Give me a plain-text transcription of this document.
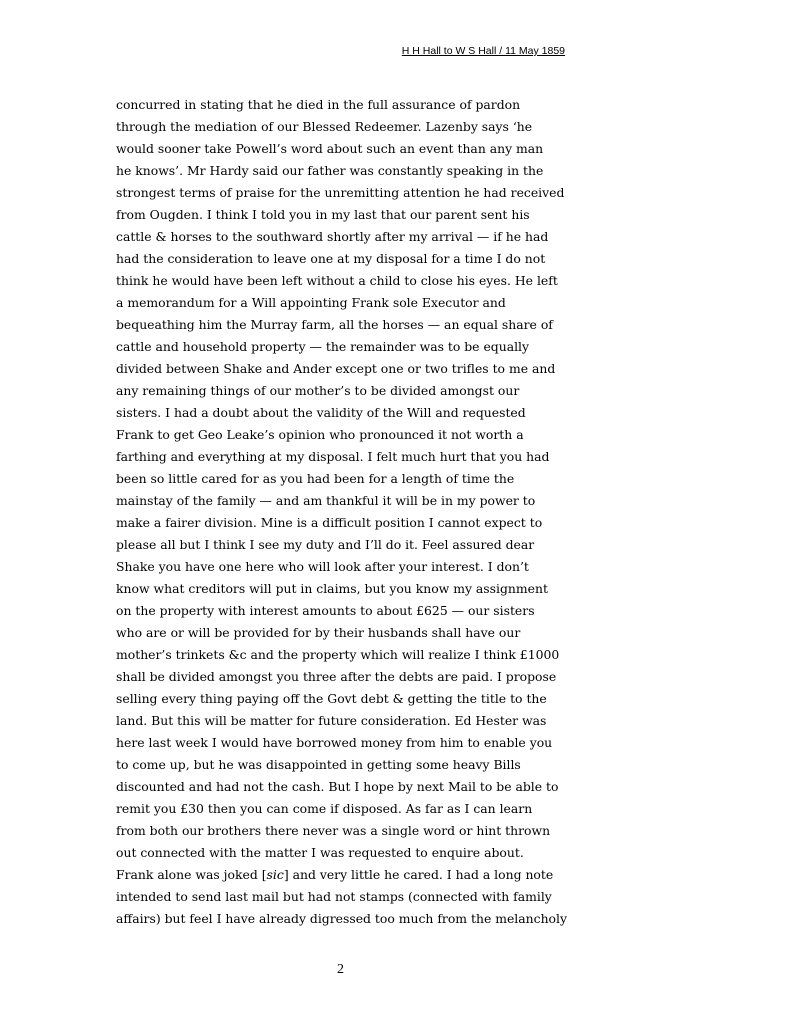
H H Hall to W S Hall / 11 May 1859
concurred in stating that he died in the full assurance of pardon
through the mediation of our Blessed Redeemer. Lazenby says ‘he
would sooner take Powell’s word about such an event than any man
he knows’. Mr Hardy said our father was constantly speaking in the
strongest terms of praise for the unremitting attention he had received
from Ougden. I think I told you in my last that our parent sent his
cattle & horses to the southward shortly after my arrival — if he had
had the consideration to leave one at my disposal for a time I do not
think he would have been left without a child to close his eyes. He left
a memorandum for a Will appointing Frank sole Executor and
bequeathing him the Murray farm, all the horses — an equal share of
cattle and household property — the remainder was to be equally
divided between Shake and Ander except one or two trifles to me and
any remaining things of our mother’s to be divided amongst our
sisters. I had a doubt about the validity of the Will and requested
Frank to get Geo Leake’s opinion who pronounced it not worth a
farthing and everything at my disposal. I felt much hurt that you had
been so little cared for as you had been for a length of time the
mainstay of the family — and am thankful it will be in my power to
make a fairer division. Mine is a difficult position I cannot expect to
please all but I think I see my duty and I’ll do it. Feel assured dear
Shake you have one here who will look after your interest. I don’t
know what creditors will put in claims, but you know my assignment
on the property with interest amounts to about £625 — our sisters
who are or will be provided for by their husbands shall have our
mother’s trinkets &c and the property which will realize I think £1000
shall be divided amongst you three after the debts are paid. I propose
selling every thing paying off the Govt debt & getting the title to the
land. But this will be matter for future consideration. Ed Hester was
here last week I would have borrowed money from him to enable you
to come up, but he was disappointed in getting some heavy Bills
discounted and had not the cash. But I hope by next Mail to be able to
remit you £30 then you can come if disposed. As far as I can learn
from both our brothers there never was a single word or hint thrown
out connected with the matter I was requested to enquire about.
Frank alone was joked [sic] and very little he cared. I had a long note
intended to send last mail but had not stamps (connected with family
affairs) but feel I have already digressed too much from the melancholy
2
